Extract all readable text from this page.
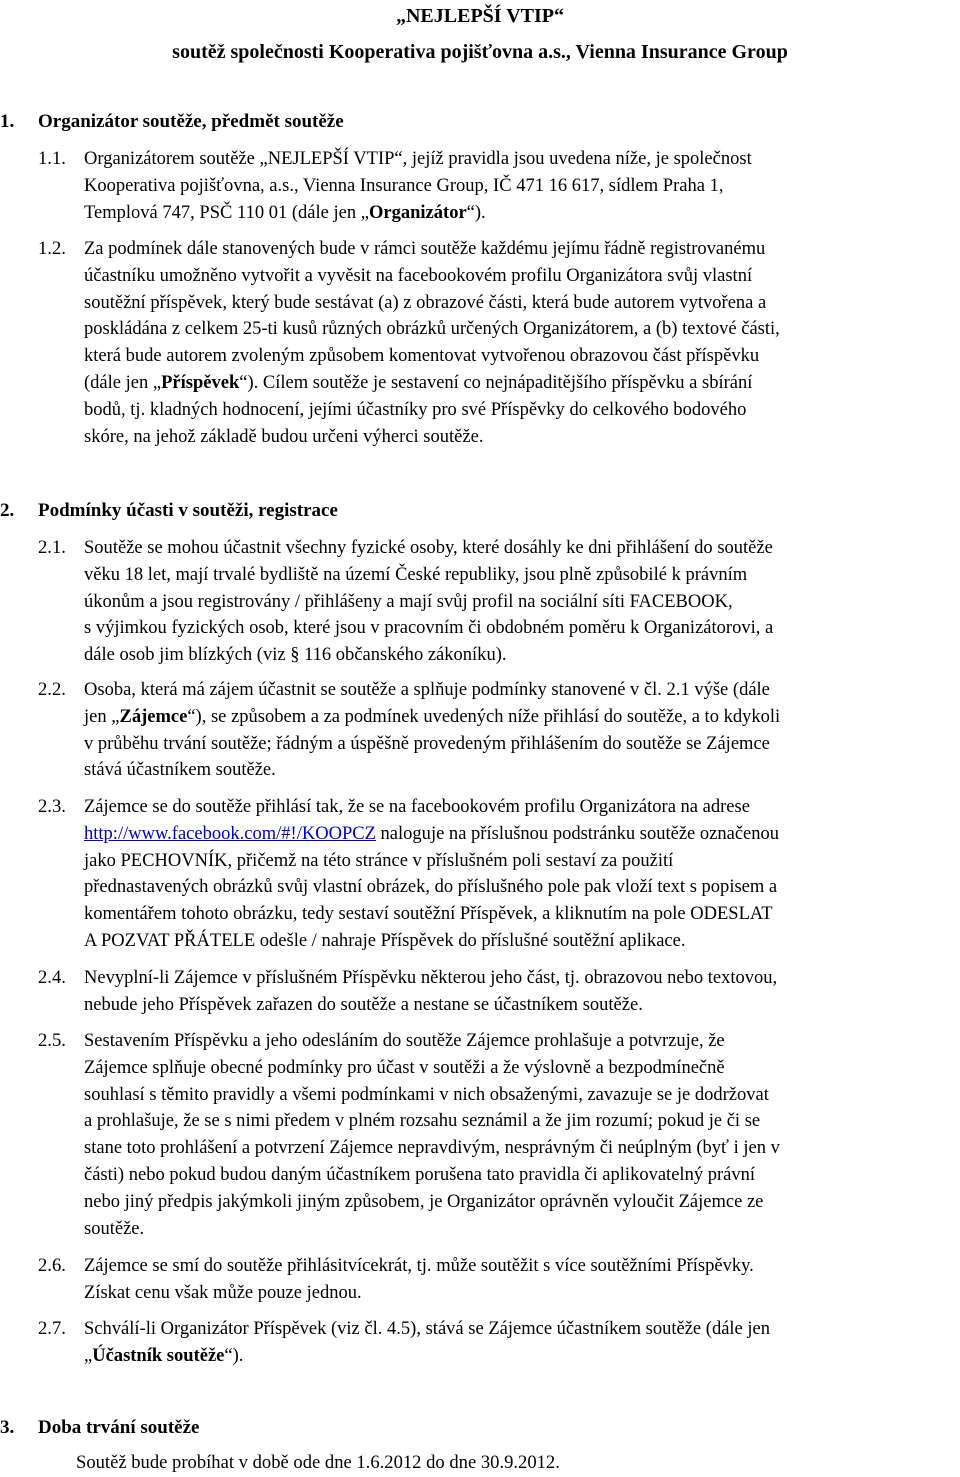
„NEJLEPŠÍ VTIP“
soutěž společnosti Kooperativa pojišťovna a.s., Vienna Insurance Group
1. Organizátor soutěže, předmět soutěže
1.1. Organizátorem soutěže „NEJLEPŠÍ VTIP“, jejíž pravidla jsou uvedena níže, je společnost
Kooperativa pojišťovna, a.s., Vienna Insurance Group, IČ 471 16 617, sídlem Praha 1,
Templová 747, PSČ 110 01 (dále jen „Organizátor“).
1.2. Za podmínek dále stanovených bude v rámci soutěže každému jejímu řádně registrovanému
účastníku umožněno vytvořit a vyvěsit na facebookovém profilu Organizátora svůj vlastní
soutěžní příspěvek, který bude sestávat (a) z obrazové části, která bude autorem vytvořena a
poskládána z celkem 25-ti kusů různých obrázků určených Organizátorem, a (b) textové části,
která bude autorem zvoleným způsobem komentovat vytvořenou obrazovou část příspěvku
(dále jen „Příspěvek“). Cílem soutěže je sestavení co nejnápaditějšího příspěvku a sbírání
bodů, tj. kladných hodnocení, jejími účastníky pro své Příspěvky do celkového bodového
skóre, na jehož základě budou určeni výherci soutěže.
2. Podmínky účasti v soutěži, registrace
2.1. Soutěže se mohou účastnit všechny fyzické osoby, které dosáhly ke dni přihlášení do soutěže
věku 18 let, mají trvalé bydliště na území České republiky, jsou plně způsobilé k právním
úkonům a jsou registrovány / přihlášeny a mají svůj profil na sociální síti FACEBOOK,
s výjimkou fyzických osob, které jsou v pracovním či obdobném poměru k Organizátorovi, a
dále osob jim blízkých (viz § 116 občanského zákoníku).
2.2. Osoba, která má zájem účastnit se soutěže a splňuje podmínky stanovené v čl. 2.1 výše (dále
jen „Zájemce“), se způsobem a za podmínek uvedených níže přihlásí do soutěže, a to kdykoli
v průběhu trvání soutěže; řádným a úspěšně provedeným přihlášením do soutěže se Zájemce
stává účastníkem soutěže.
2.3. Zájemce se do soutěže přihlásí tak, že se na facebookovém profilu Organizátora na adrese
http://www.facebook.com/#!/KOOPCZ naloguje na příslušnou podstránku soutěže označenou
jako PECHOVNÍK, přičemž na této stránce v příslušném poli sestaví za použití
přednastavených obrázků svůj vlastní obrázek, do příslušného pole pak vloží text s popisem a
komentářem tohoto obrázku, tedy sestaví soutěžní Příspěvek, a kliknutím na pole ODESLAT
A POZVAT PŘÁTELE odešle / nahraje Příspěvek do příslušné soutěžní aplikace.
2.4. Nevyplní-li Zájemce v příslušném Příspěvku některou jeho část, tj. obrazovou nebo textovou,
nebude jeho Příspěvek zařazen do soutěže a nestane se účastníkem soutěže.
2.5. Sestavením Příspěvku a jeho odesláním do soutěže Zájemce prohlašuje a potvrzuje, že
Zájemce splňuje obecné podmínky pro účast v soutěži a že výslovně a bezpodmínečně
souhlasí s těmito pravidly a všemi podmínkami v nich obsaženými, zavazuje se je dodržovat
a prohlašuje, že se s nimi předem v plném rozsahu seznámil a že jim rozumí; pokud je či se
stane toto prohlášení a potvrzení Zájemce nepravdivým, nesprávným či neúplným (byť i jen v
části) nebo pokud budou daným účastníkem porušena tato pravidla či aplikovatelný právní
nebo jiný předpis jakýmkoli jiným způsobem, je Organizátor oprávněn vyloučit Zájemce ze
soutěže.
2.6. Zájemce se smí do soutěže přihlásitvícekrát, tj. může soutěžit s více soutěžními Příspěvky.
Získat cenu však může pouze jednou.
2.7. Schválí-li Organizátor Příspěvek (viz čl. 4.5), stává se Zájemce účastníkem soutěže (dále jen
„Účastník soutěže“).
3. Doba trvání soutěže
Soutěž bude probíhat v době ode dne 1.6.2012 do dne 30.9.2012.
